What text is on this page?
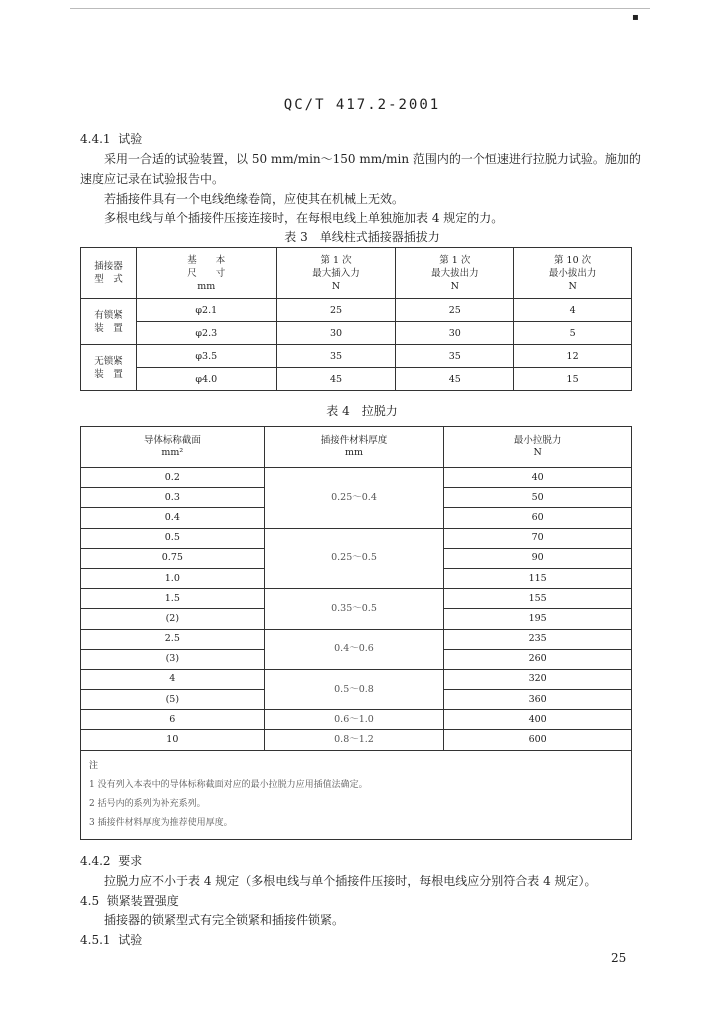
▪
QC/T 417.2-2001
4.4.1 试验
采用一合适的试验装置，以 50 mm/min～150 mm/min 范围内的一个恒速进行拉脱力试验。施加的
速度应记录在试验报告中。
若插接件具有一个电线绝缘卷筒，应使其在机械上无效。
多根电线与单个插接件压接连接时，在每根电线上单独施加表 4 规定的力。
表 3　单线柱式插接器插拔力
插接器
型　式	基　　本
尺　　寸
mm	第 1 次
最大插入力
N	第 1 次
最大拔出力
N	第 10 次
最小拔出力
N
有锁紧
装　置	φ2.1	25	25	4
	φ2.3	30	30	5
无锁紧
装　置	φ3.5	35	35	12
	φ4.0	45	45	15
表 4　拉脱力
导体标称截面
mm²	插接件材料厚度
mm	最小拉脱力
N
0.2	0.25～0.4	40
0.3		50
0.4		60
0.5	0.25～0.5	70
0.75		90
1.0		115
1.5	0.35～0.5	155
(2)		195
2.5	0.4～0.6	235
(3)		260
4	0.5～0.8	320
(5)		360
6	0.6～1.0	400
10	0.8～1.2	600

注
1 没有列入本表中的导体标称截面对应的最小拉脱力应用插值法确定。
2 括号内的系列为补充系列。
3 插接件材料厚度为推荐使用厚度。		
4.4.2 要求
拉脱力应不小于表 4 规定（多根电线与单个插接件压接时，每根电线应分别符合表 4 规定）。
4.5 锁紧装置强度
插接器的锁紧型式有完全锁紧和插接件锁紧。
4.5.1 试验
25
